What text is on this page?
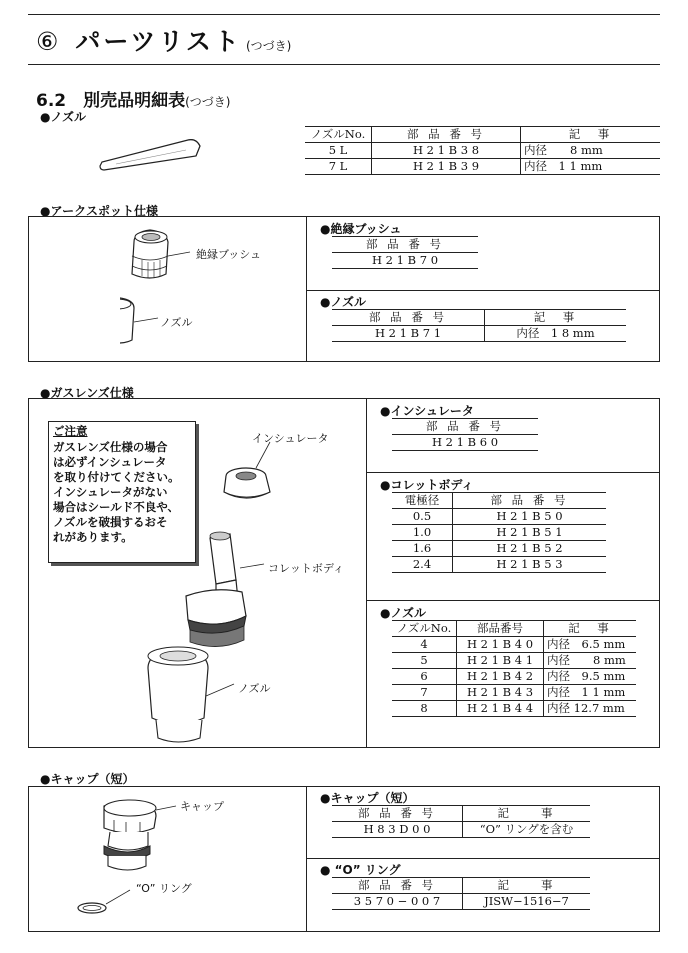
⑥ パーツリスト (つづき)
6.2　別売品明細表(つづき)
●ノズル
ノズルNo.	部 品 番 号	記　事
5 L	H 2 1 B 3 8	内径　　8 mm
7 L	H 2 1 B 3 9	内径　1 1 mm
●アークスポット仕様
絶縁ブッシュ
ノズル
●絶縁ブッシュ
部 品 番 号
H 2 1 B 7 0
●ノズル
部 品 番 号	記　事
H 2 1 B 7 1	内径　1 8 mm
●ガスレンズ仕様
ご注意
ガスレンズ仕様の場合
は必ずインシュレータ
を取り付けてください。
インシュレータがない
場合はシールド不良や、
ノズルを破損するおそ
れがあります。
インシュレータ
コレットボディ
ノズル
●インシュレータ
部 品 番 号
H 2 1 B 6 0
●コレットボディ
電極径	部 品 番 号
0.5	H 2 1 B 5 0
1.0	H 2 1 B 5 1
1.6	H 2 1 B 5 2
2.4	H 2 1 B 5 3
●ノズル
ノズルNo.	部品番号	記　事
4	H 2 1 B 4 0	内径　6.5 mm
5	H 2 1 B 4 1	内径　　8 mm
6	H 2 1 B 4 2	内径　9.5 mm
7	H 2 1 B 4 3	内径　1 1 mm
8	H 2 1 B 4 4	内径 12.7 mm
●キャップ（短）
キャップ
“O” リング
●キャップ（短）
部 品 番 号	記　　事
H 8 3 D 0 0	“O” リングを含む
● “O” リング
部 品 番 号	記　　事
3 5 7 0 − 0 0 7	JISW−1516−7
